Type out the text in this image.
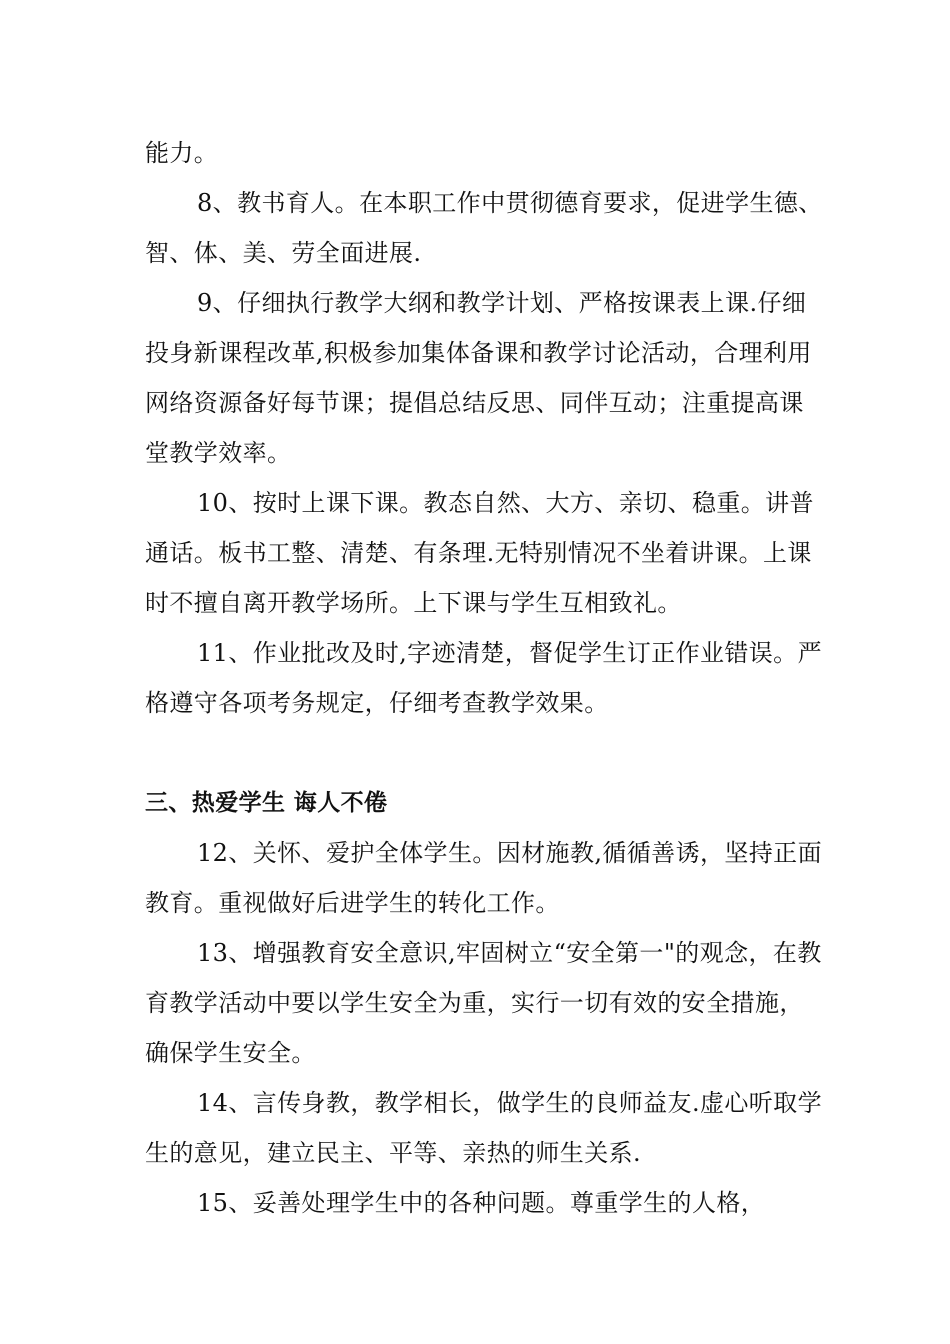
能力。

8、教书育人。在本职工作中贯彻德育要求，促进学生德、智、体、美、劳全面进展.

9、仔细执行教学大纲和教学计划、严格按课表上课.仔细投身新课程改革,积极参加集体备课和教学讨论活动，合理利用网络资源备好每节课；提倡总结反思、同伴互动；注重提高课堂教学效率。

10、按时上课下课。教态自然、大方、亲切、稳重。讲普通话。板书工整、清楚、有条理.无特别情况不坐着讲课。上课时不擅自离开教学场所。上下课与学生互相致礼。

11、作业批改及时,字迹清楚，督促学生订正作业错误。严格遵守各项考务规定，仔细考查教学效果。

三、热爱学生 诲人不倦

12、关怀、爱护全体学生。因材施教,循循善诱，坚持正面教育。重视做好后进学生的转化工作。

13、增强教育安全意识,牢固树立“安全第一"的观念，在教育教学活动中要以学生安全为重，实行一切有效的安全措施，确保学生安全。

14、言传身教，教学相长，做学生的良师益友.虚心听取学生的意见，建立民主、平等、亲热的师生关系.

15、妥善处理学生中的各种问题。尊重学生的人格，
